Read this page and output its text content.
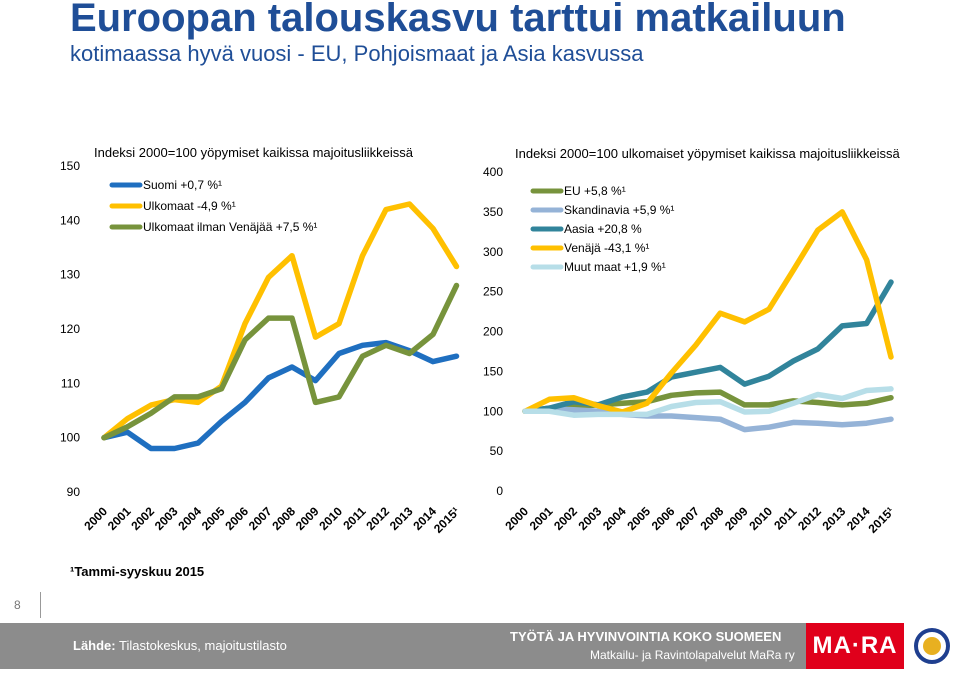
Euroopan talouskasvu tarttui matkailuun
kotimaassa hyvä vuosi - EU, Pohjoismaat ja Asia kasvussa
90
100
110
120
130
140
150
2000
2001
2002
2003
2004
2005
2006
2007
2008
2009
2010
2011
2012
2013
2014
2015¹
Indeksi 2000=100 yöpymiset kaikissa majoitusliikkeissä
Suomi +0,7 %¹
Ulkomaat -4,9 %¹
Ulkomaat ilman Venäjää +7,5 %¹
0
50
100
150
200
250
300
350
400
2000
2001
2002
2003
2004
2005
2006
2007
2008
2009
2010
2011
2012
2013
2014
2015¹
Indeksi 2000=100 ulkomaiset yöpymiset kaikissa majoitusliikkeissä
EU +5,8 %¹
Skandinavia +5,9 %¹
Aasia +20,8 %
Venäjä -43,1 %¹
Muut maat +1,9 %¹
¹Tammi-syyskuu 2015
8
Lähde: Tilastokeskus, majoitustilasto
TYÖTÄ JA HYVINVOINTIA KOKO SUOMEEN
Matkailu- ja Ravintolapalvelut MaRa ry MA·RA
